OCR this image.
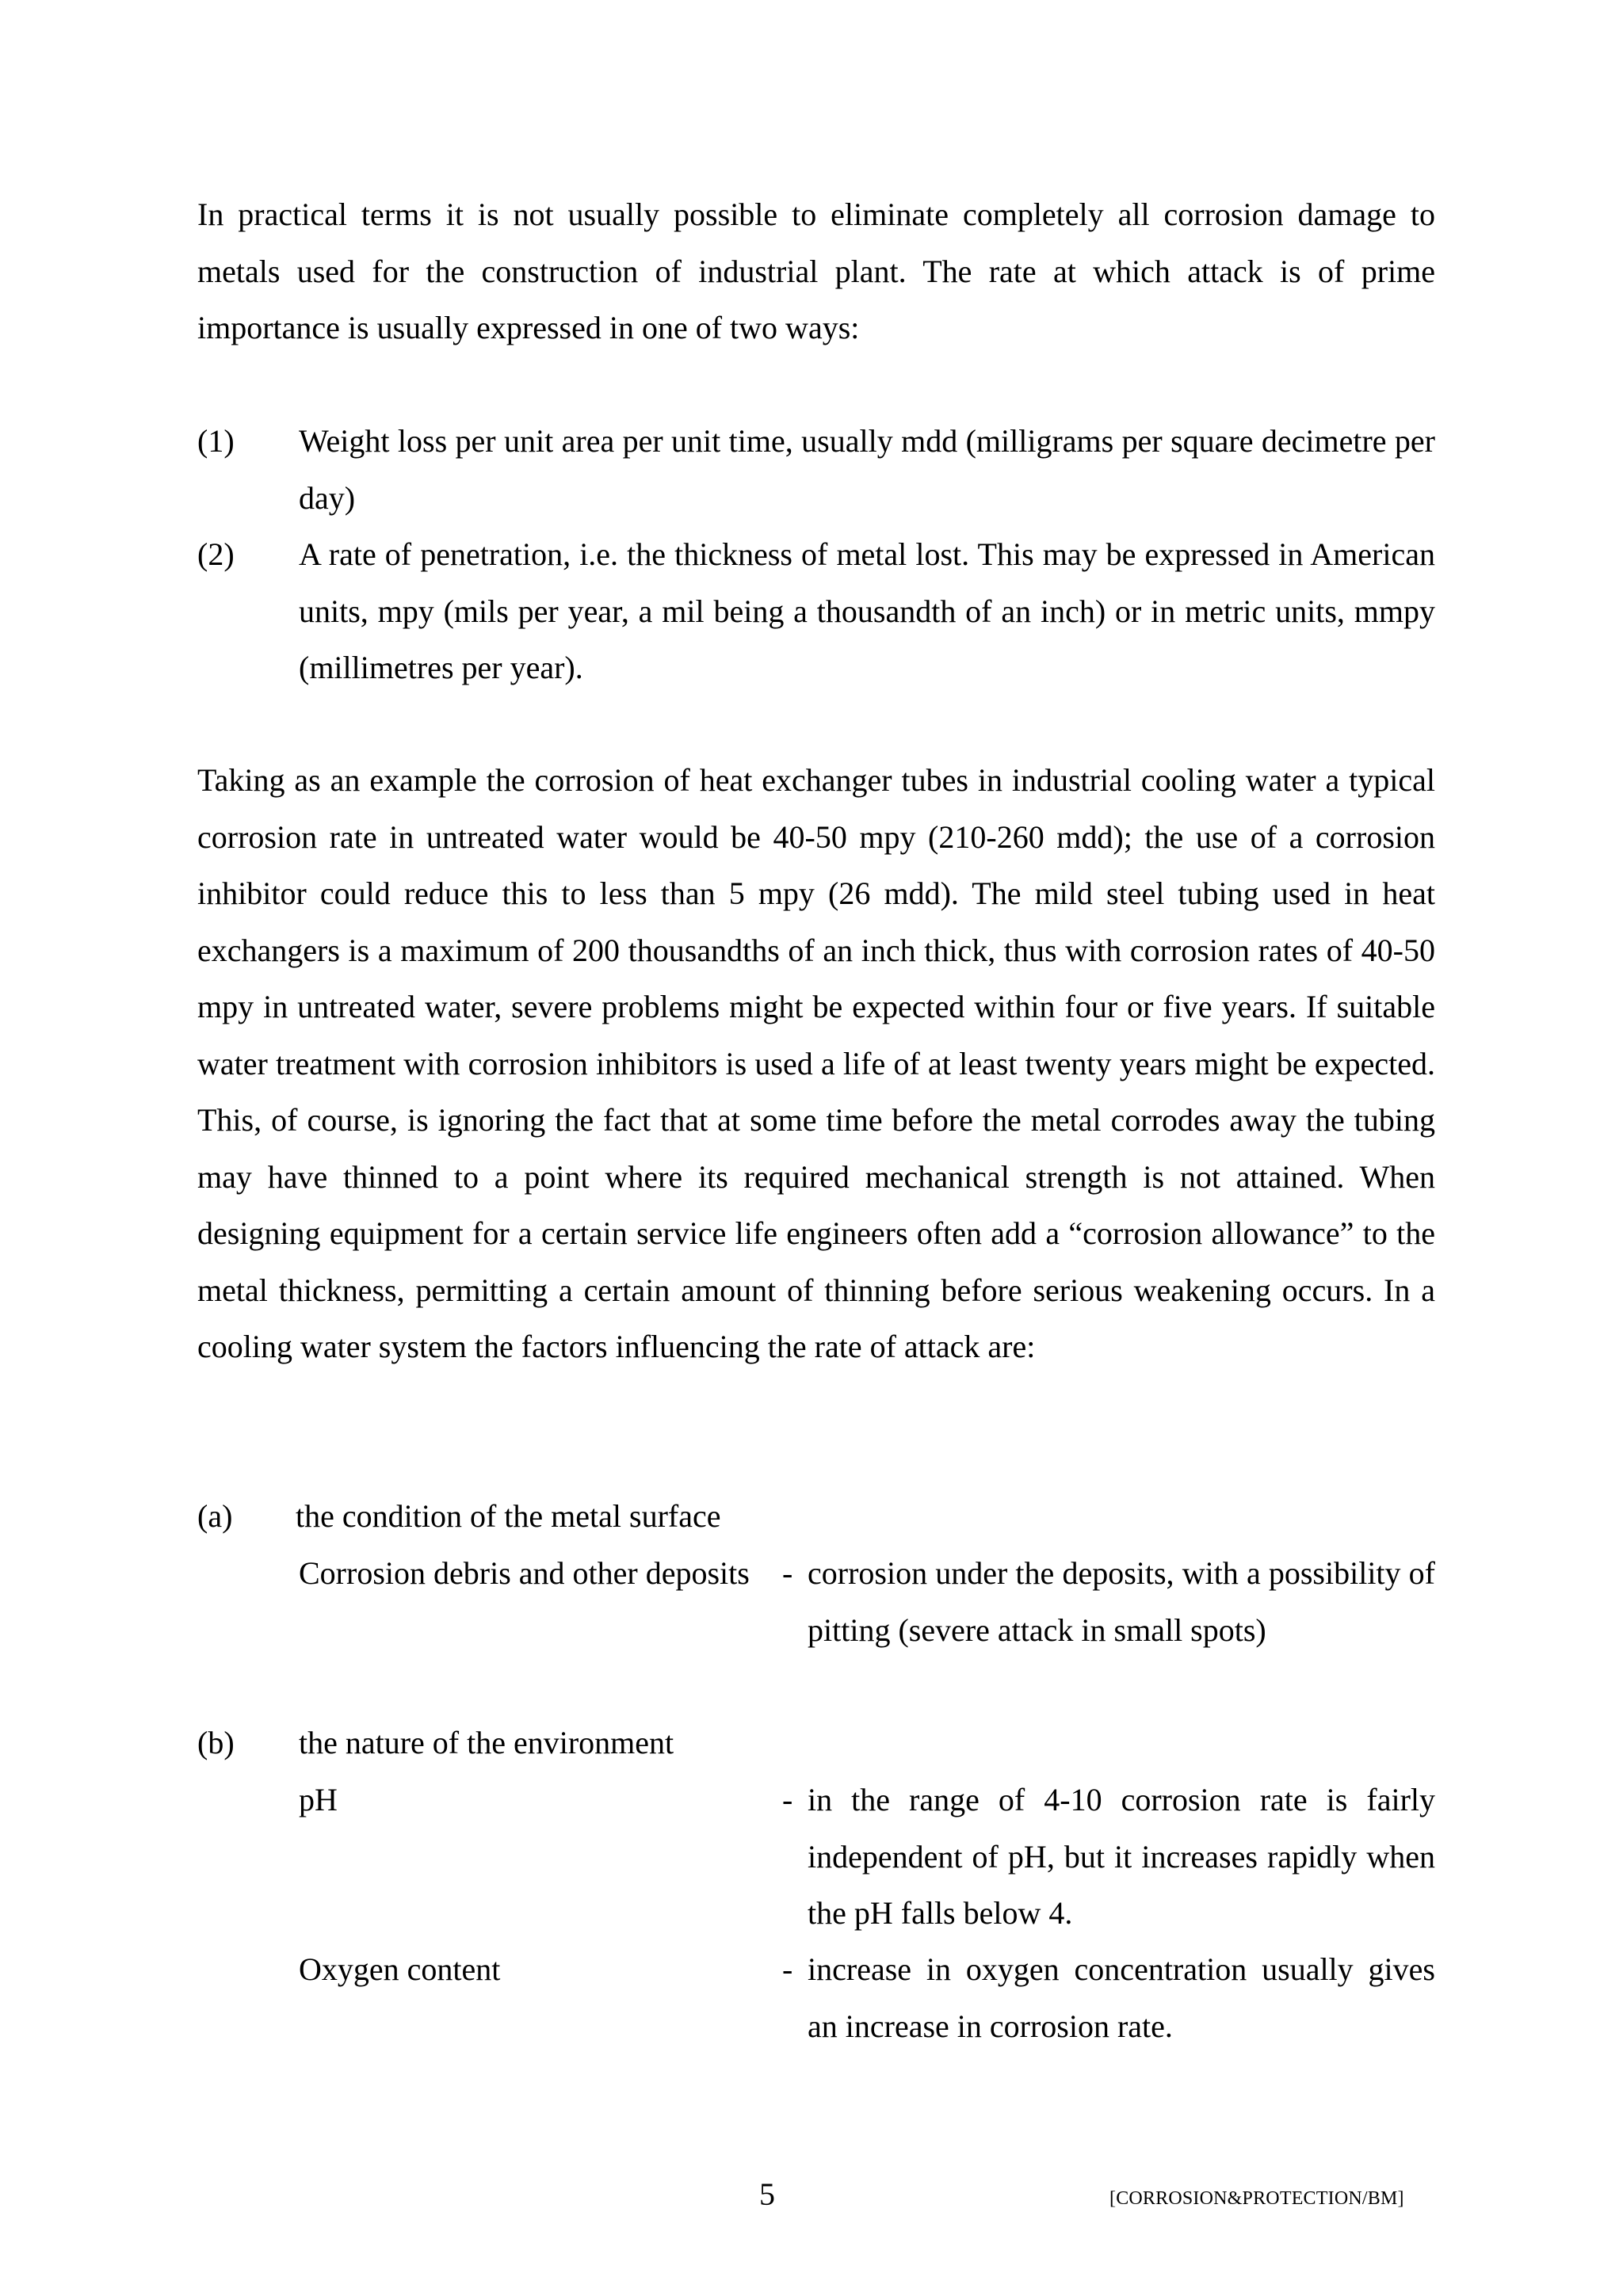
In practical terms it is not usually possible to eliminate completely all corrosion damage to metals used for the construction of industrial plant. The rate at which attack is of prime importance is usually expressed in one of two ways:

(1) Weight loss per unit area per unit time, usually mdd (milligrams per square decimetre per day)
(2) A rate of penetration, i.e. the thickness of metal lost. This may be expressed in American units, mpy (mils per year, a mil being a thousandth of an inch) or in metric units, mmpy (millimetres per year).

Taking as an example the corrosion of heat exchanger tubes in industrial cooling water a typical corrosion rate in untreated water would be 40-50 mpy (210-260 mdd); the use of a corrosion inhibitor could reduce this to less than 5 mpy (26 mdd). The mild steel tubing used in heat exchangers is a maximum of 200 thousandths of an inch thick, thus with corrosion rates of 40-50 mpy in untreated water, severe problems might be expected within four or five years. If suitable water treatment with corrosion inhibitors is used a life of at least twenty years might be expected. This, of course, is ignoring the fact that at some time before the metal corrodes away the tubing may have thinned to a point where its required mechanical strength is not attained. When designing equipment for a certain service life engineers often add a “corrosion allowance” to the metal thickness, permitting a certain amount of thinning before serious weakening occurs. In a cooling water system the factors influencing the rate of attack are:

(a) the condition of the metal surface
Corrosion debris and other deposits - corrosion under the deposits, with a possibility of pitting (severe attack in small spots)
(b) the nature of the environment
pH	- in the range of 4-10 corrosion rate is fairly independent of pH, but it increases rapidly when the pH falls below 4.
Oxygen content	- increase in oxygen concentration usually gives an increase in corrosion rate.
5	[CORROSION&PROTECTION/BM]
